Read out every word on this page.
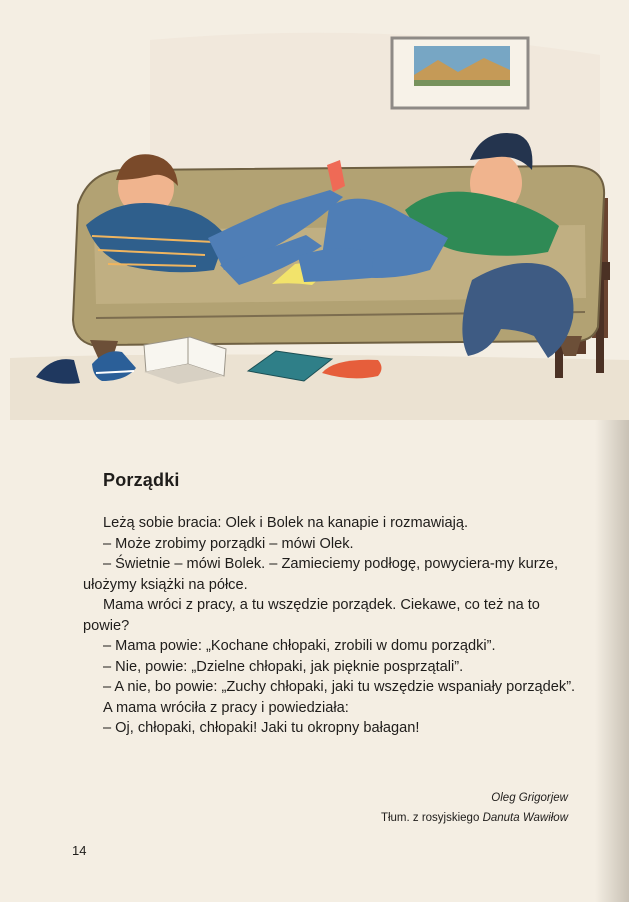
Porządki

Leżą sobie bracia: Olek i Bolek na kanapie i rozmawiają.

– Może zrobimy porządki – mówi Olek.

– Świetnie – mówi Bolek. – Zamieciemy podłogę, powyciera-my kurze, ułożymy książki na półce.

Mama wróci z pracy, a tu wszędzie porządek. Ciekawe, co też na to powie?

– Mama powie: „Kochane chłopaki, zrobili w domu porządki”.

– Nie, powie: „Dzielne chłopaki, jak pięknie posprzątali”.

– A nie, bo powie: „Zuchy chłopaki, jaki tu wszędzie wspaniały porządek”.

A mama wróciła z pracy i powiedziała:

– Oj, chłopaki, chłopaki! Jaki tu okropny bałagan!

Oleg Grigorjew
Tłum. z rosyjskiego Danuta Wawiłow
14
